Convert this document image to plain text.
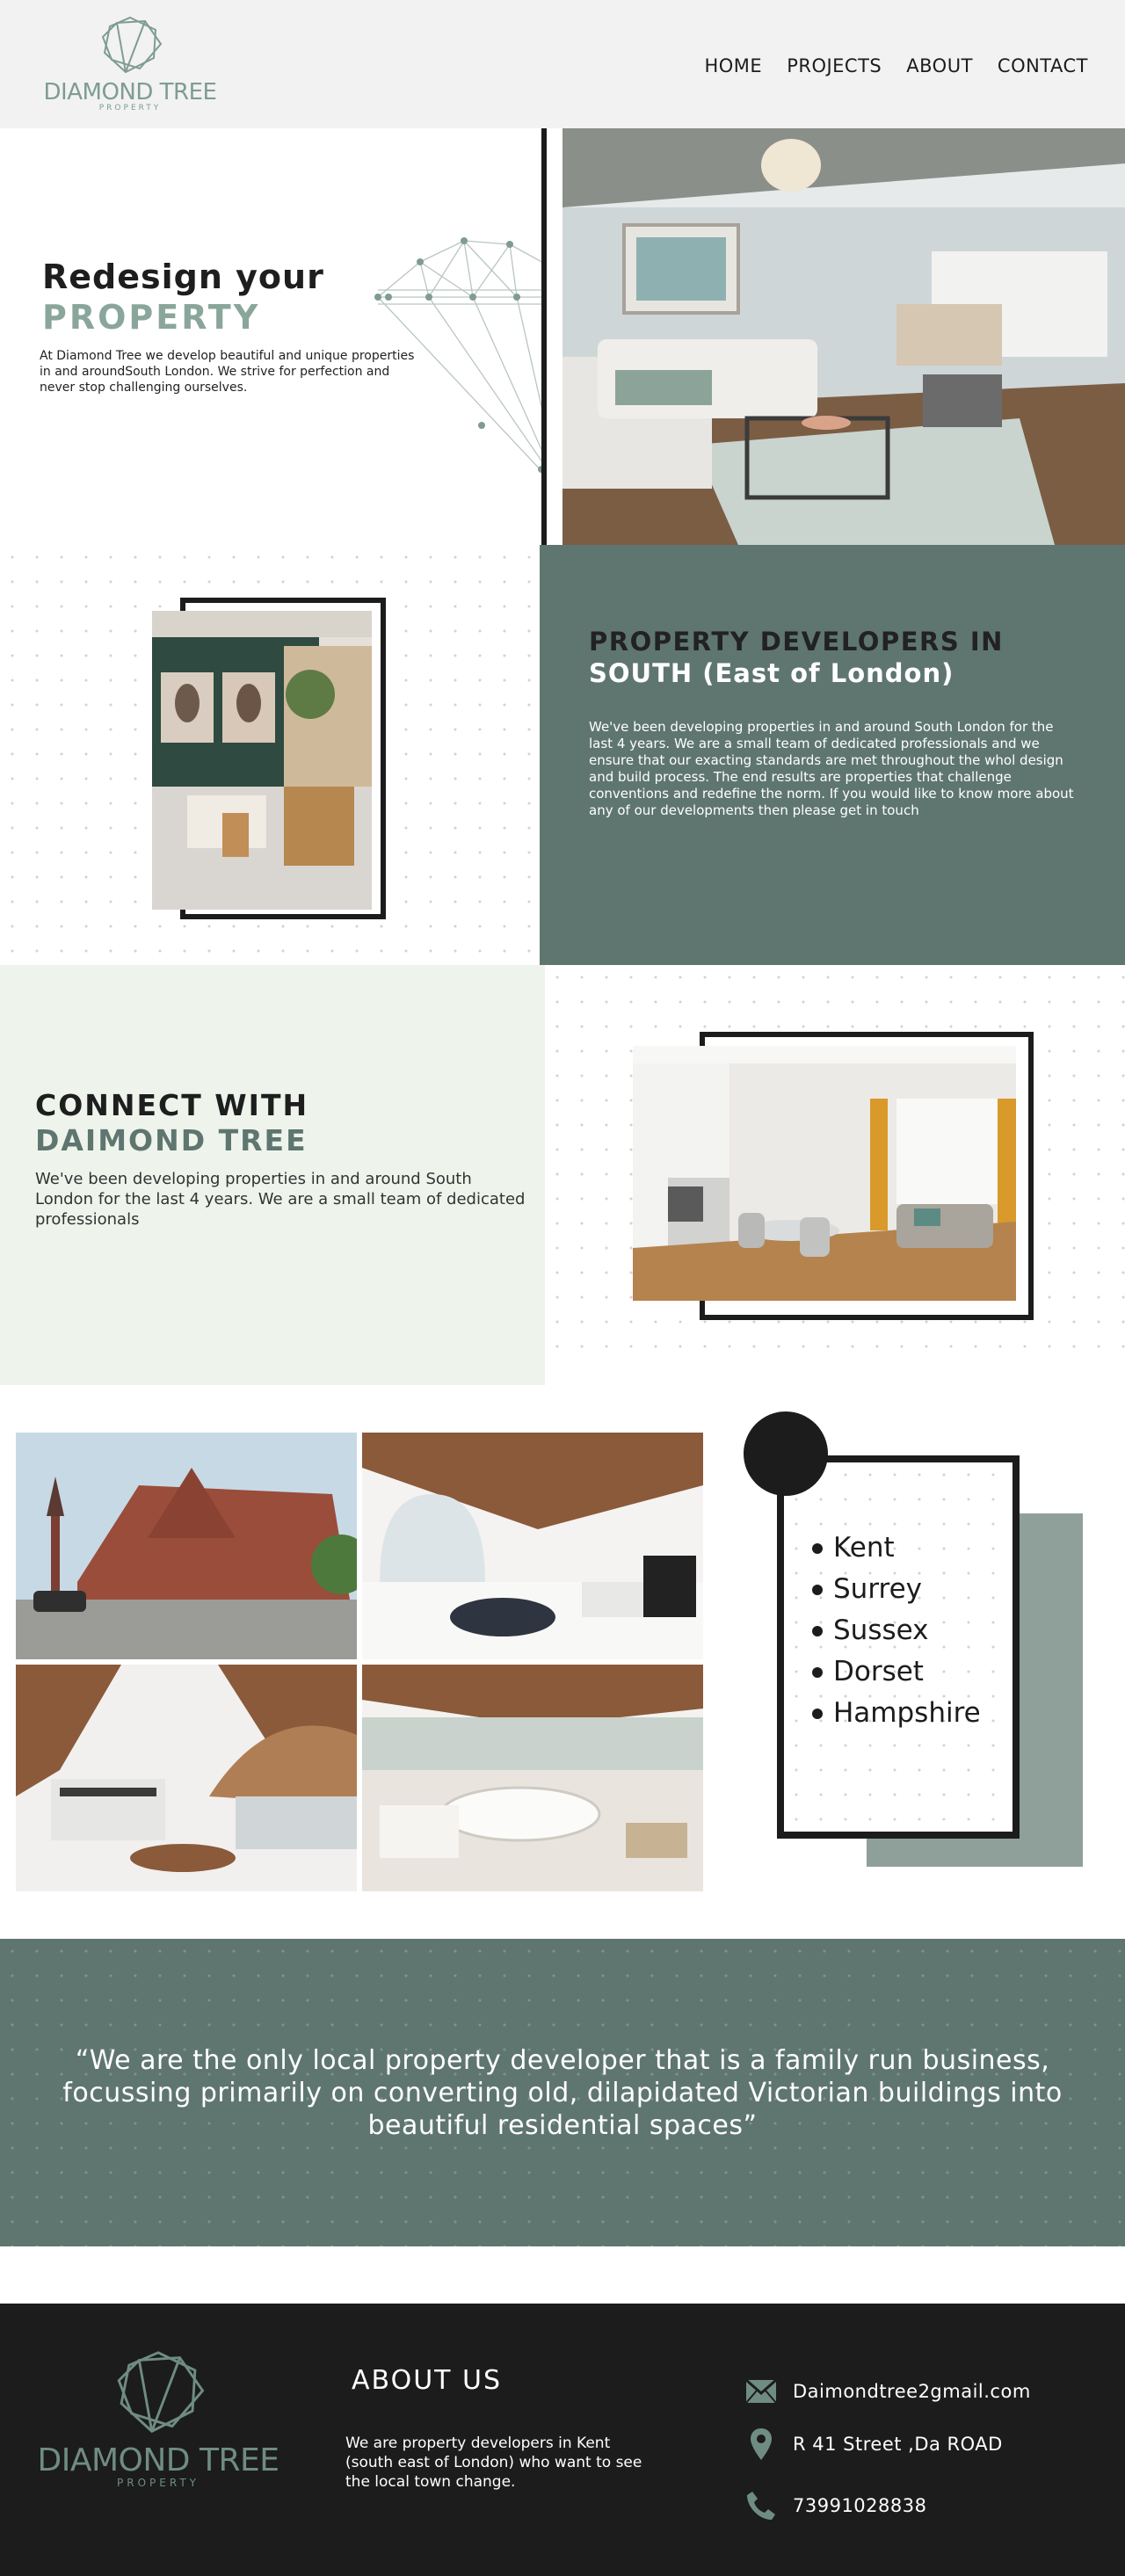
DIAMOND TREE
PROPERTY
HOME PROJECTS ABOUT CONTACT
Redesign your
PROPERTY

At Diamond Tree we develop beautiful and unique properties in and aroundSouth London. We strive for perfection and never stop challenging ourselves.

PROPERTY DEVELOPERS IN
SOUTH (East of London)

We've been developing properties in and around South London for the last 4 years. We are a small team of dedicated professionals and we ensure that our exacting standards are met throughout the whol design and build process. The end results are properties that challenge conventions and redefine the norm. If you would like to know more about any of our developments then please get in touch

CONNECT WITH
DAIMOND TREE

We've been developing properties in and around South London for the last 4 years. We are a small team of dedicated professionals

Kent
Surrey
Sussex
Dorset
Hampshire

“We are the only local property developer that is a family run business, focussing primarily on converting old, dilapidated Victorian buildings into beautiful residential spaces”

DIAMOND TREE
PROPERTY
ABOUT US

We are property developers in Kent (south east of London) who want to see the local town change.

Daimondtree2gmail.com
R 41 Street ,Da ROAD
73991028838
